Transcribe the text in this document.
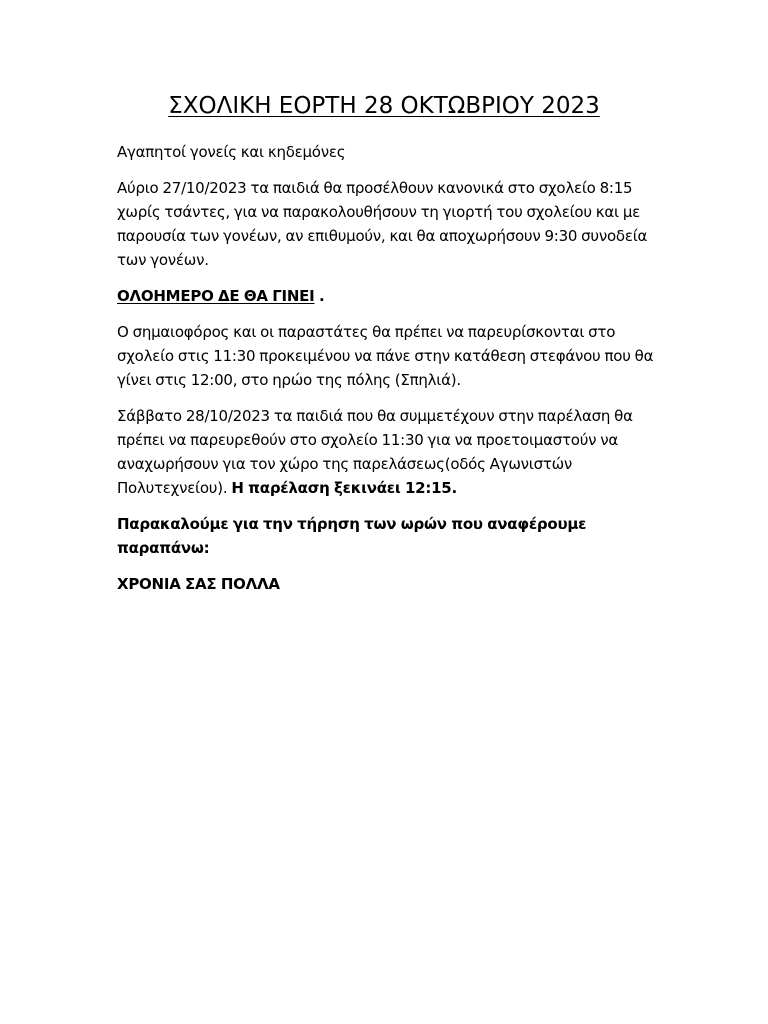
ΣΧΟΛΙΚΗ ΕΟΡΤΗ 28 ΟΚΤΩΒΡΙΟΥ 2023

Αγαπητοί γονείς και κηδεμόνες

Αύριο 27/10/2023 τα παιδιά θα προσέλθουν κανονικά στο σχολείο 8:15 χωρίς τσάντες, για να παρακολουθήσουν τη γιορτή του σχολείου και με παρουσία των γονέων, αν επιθυμούν, και θα αποχωρήσουν 9:30 συνοδεία των γονέων.

ΟΛΟΗΜΕΡΟ ΔΕ ΘΑ ΓΙΝΕΙ .

Ο σημαιοφόρος και οι παραστάτες θα πρέπει να παρευρίσκονται στο σχολείο στις 11:30 προκειμένου να πάνε στην κατάθεση στεφάνου που θα γίνει στις 12:00, στο ηρώο της πόλης (Σπηλιά).

Σάββατο 28/10/2023 τα παιδιά που θα συμμετέχουν στην παρέλαση θα πρέπει να παρευρεθούν στο σχολείο 11:30 για να προετοιμαστούν να αναχωρήσουν για τον χώρο της παρελάσεως(οδός Αγωνιστών Πολυτεχνείου). Η παρέλαση ξεκινάει 12:15.

Παρακαλούμε για την τήρηση των ωρών που αναφέρουμε παραπάνω:

ΧΡΟΝΙΑ ΣΑΣ ΠΟΛΛΑ
